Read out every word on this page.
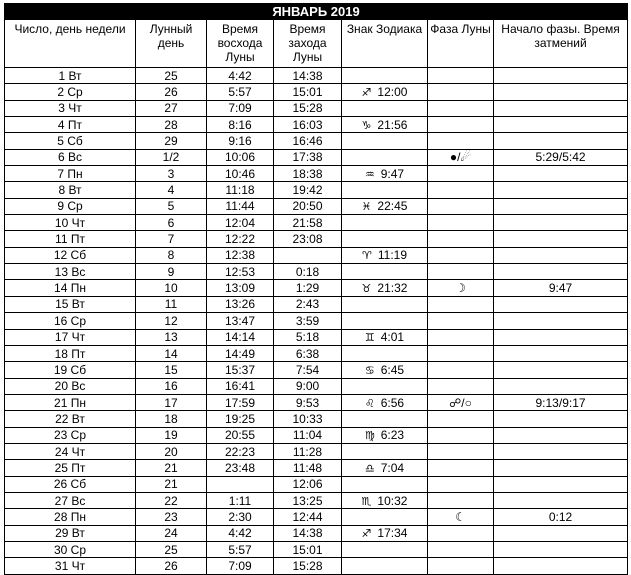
ЯНВАРЬ 2019						
Число, день недели	Лунный день	Время восхода Луны	Время захода Луны	Знак Зодиака	Фаза Луны	Начало фазы. Время затмений
1 Вт	25	4:42	14:38			
2 Ср	26	5:57	15:01	♐ 12:00		
3 Чт	27	7:09	15:28			
4 Пт	28	8:16	16:03	♑ 21:56		
5 Сб	29	9:16	16:46			
6 Вс	1/2	10:06	17:38		●/☄	5:29/5:42
7 Пн	3	10:46	18:38	♒ 9:47		
8 Вт	4	11:18	19:42			
9 Ср	5	11:44	20:50	♓ 22:45		
10 Чт	6	12:04	21:58			
11 Пт	7	12:22	23:08			
12 Сб	8	12:38		♈ 11:19		
13 Вс	9	12:53	0:18			
14 Пн	10	13:09	1:29	♉ 21:32	☽	9:47
15 Вт	11	13:26	2:43			
16 Ср	12	13:47	3:59			
17 Чт	13	14:14	5:18	♊ 4:01		
18 Пт	14	14:49	6:38			
19 Сб	15	15:37	7:54	♋ 6:45		
20 Вс	16	16:41	9:00			
21 Пн	17	17:59	9:53	♌ 6:56	☍/○	9:13/9:17
22 Вт	18	19:25	10:33			
23 Ср	19	20:55	11:04	♍ 6:23		
24 Чт	20	22:23	11:28			
25 Пт	21	23:48	11:48	♎ 7:04		
26 Сб	21		12:06			
27 Вс	22	1:11	13:25	♏ 10:32		
28 Пн	23	2:30	12:44		☾	0:12
29 Вт	24	4:42	14:38	♐ 17:34		
30 Ср	25	5:57	15:01			
31 Чт	26	7:09	15:28			
